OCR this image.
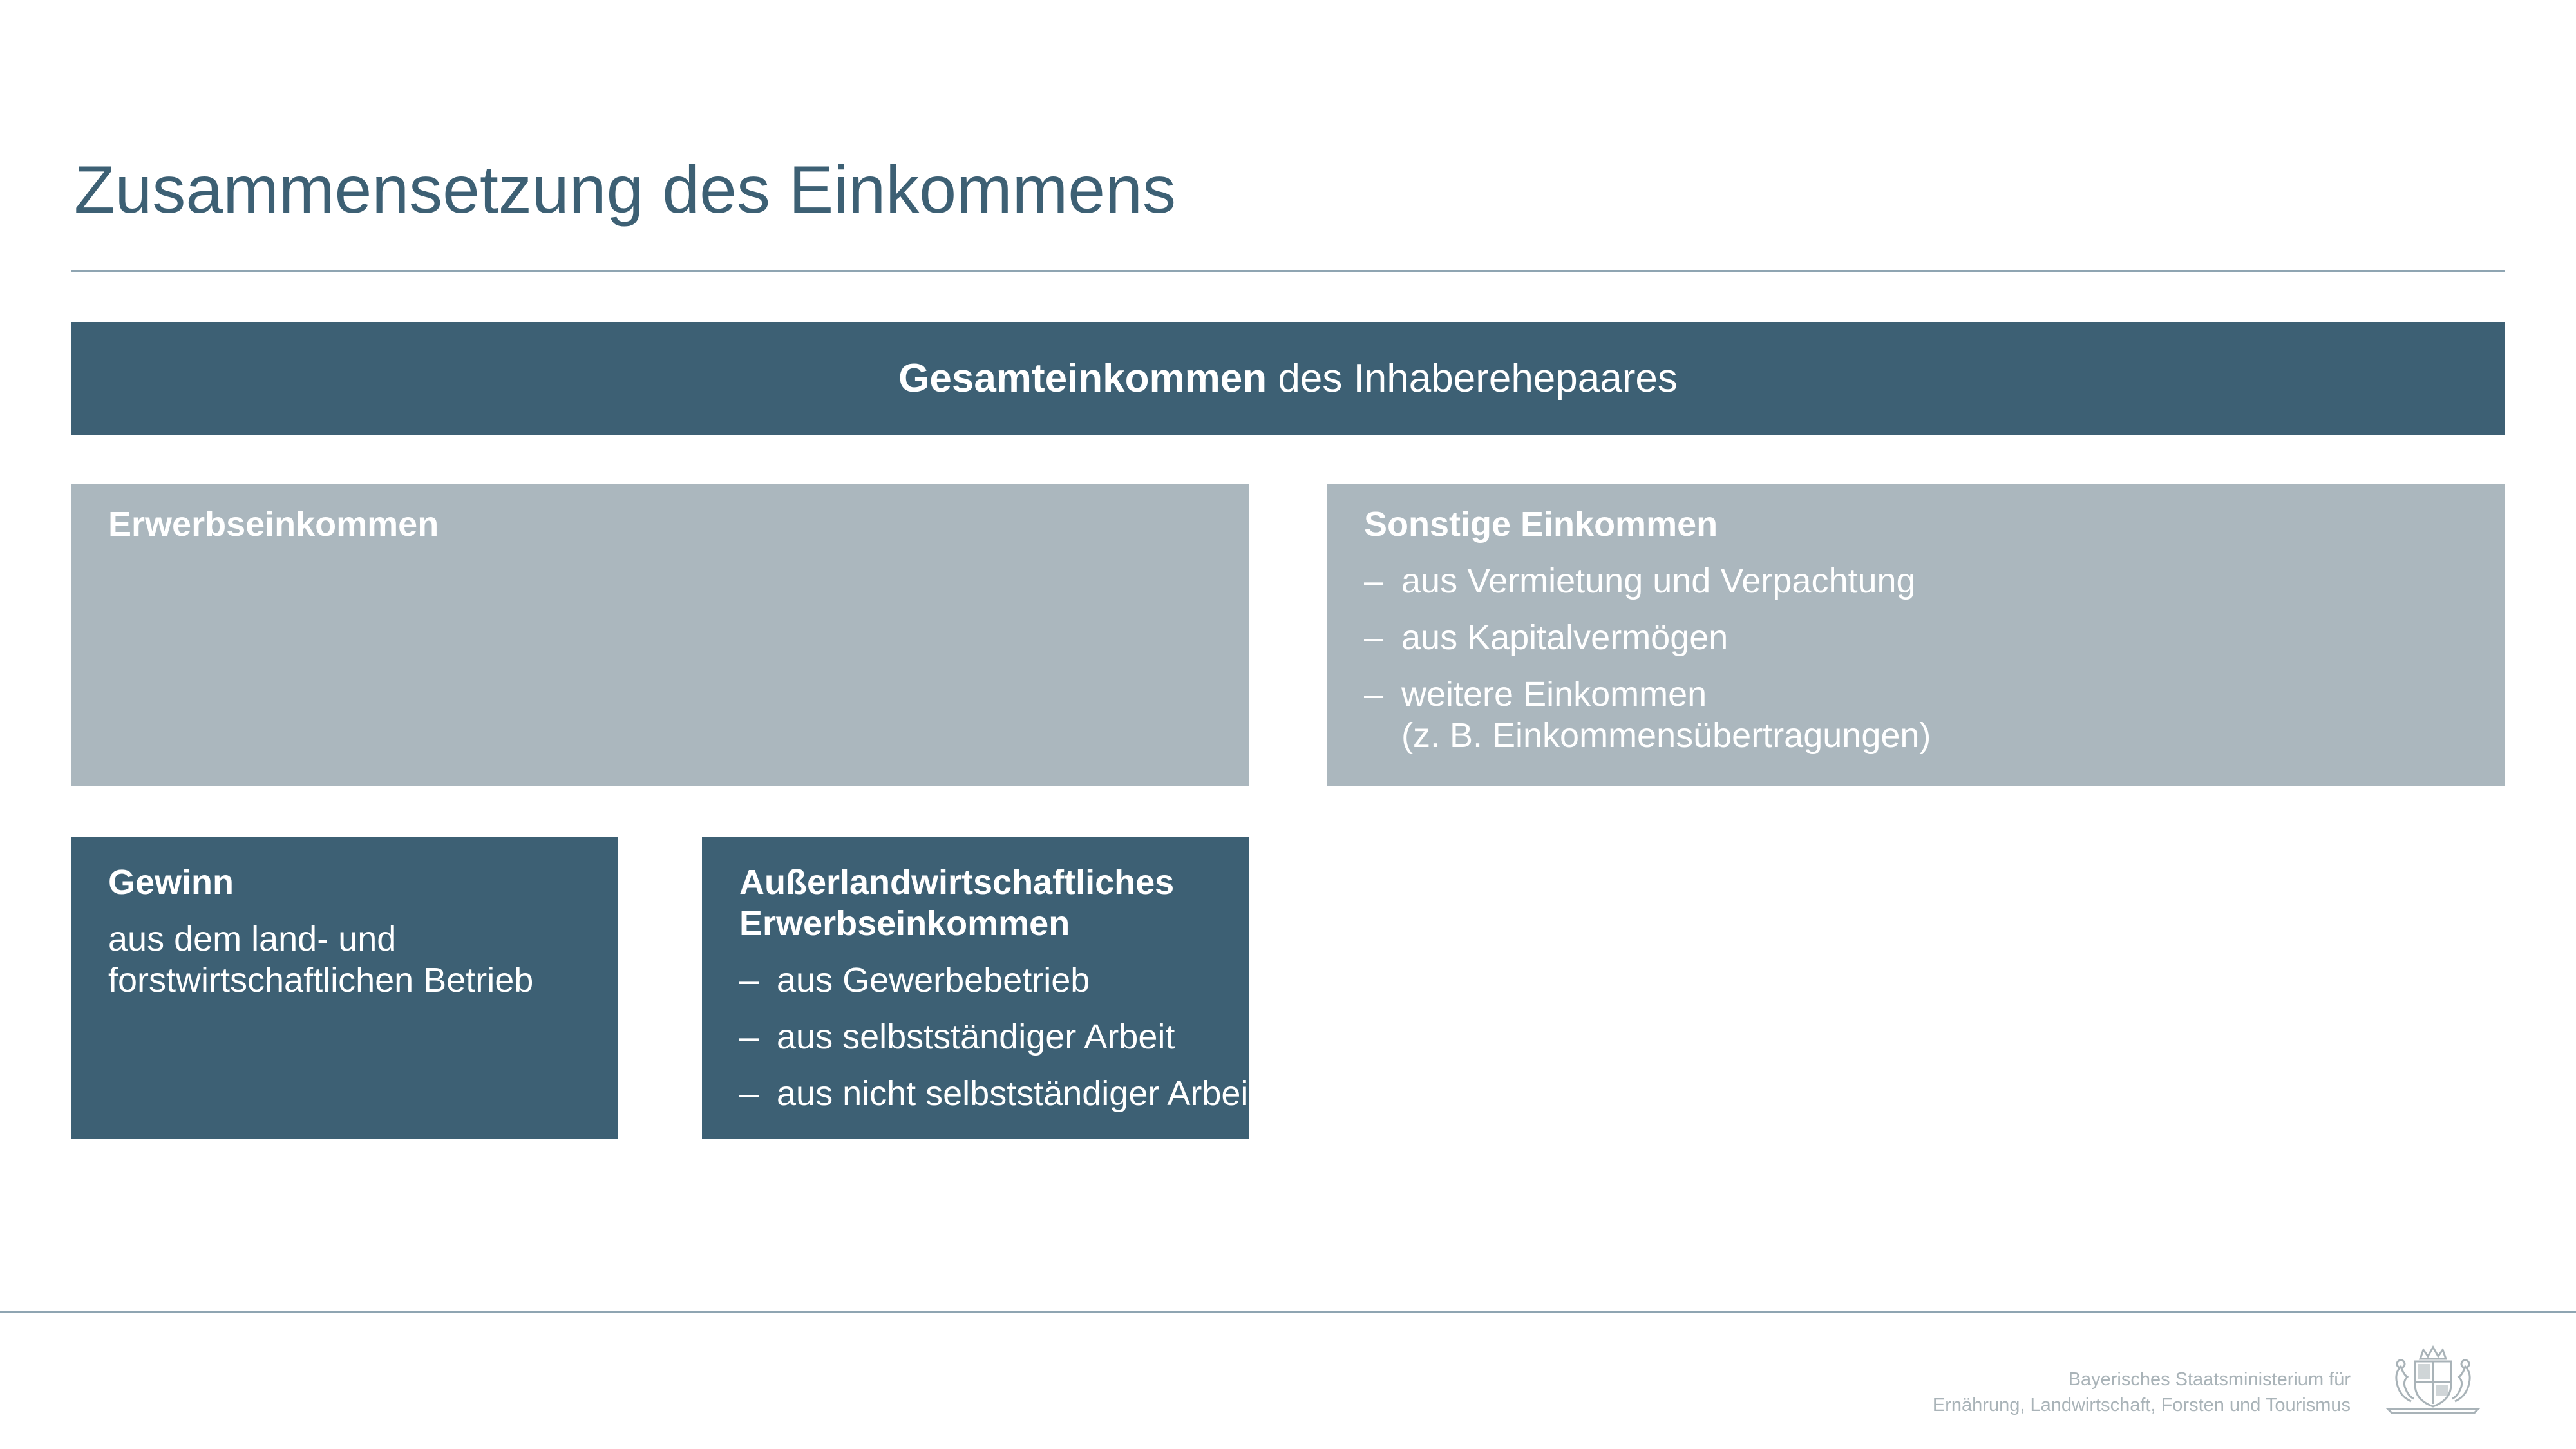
Zusammensetzung des Einkommens
Gesamteinkommen des Inhaberehepaares
Erwerbseinkommen	Sonstige Einkommen
– aus Vermietung und Verpachtung
– aus Kapitalvermögen
– weitere Einkommen
(z. B. Einkommensübertragungen)
Gewinn
aus dem land- und
forstwirtschaftlichen Betrieb
Außerlandwirtschaftliches
Erwerbseinkommen
– aus Gewerbebetrieb
– aus selbstständiger Arbeit
– aus nicht selbstständiger Arbeit
Bayerisches Staatsministerium für
Ernährung, Landwirtschaft, Forsten und Tourismus
